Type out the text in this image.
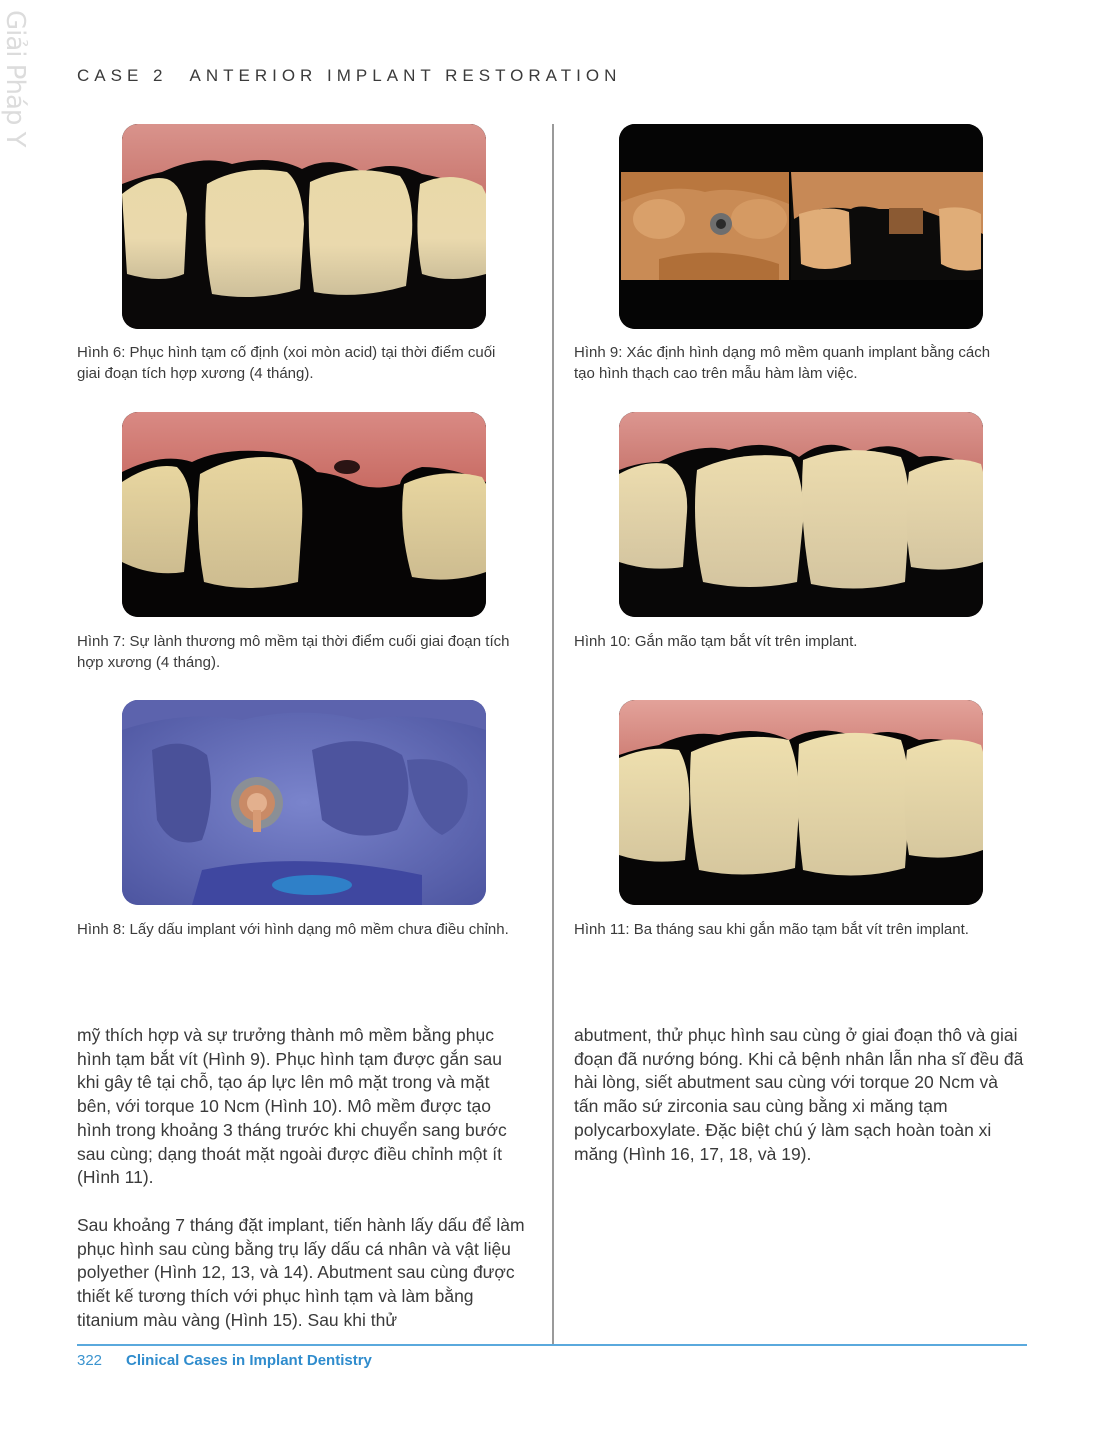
Giải Pháp Y
CASE 2 ANTERIOR IMPLANT RESTORATION
Hình 6: Phục hình tạm cố định (xoi mòn acid) tại thời điểm cuối giai đoạn tích hợp xương (4 tháng).
Hình 7: Sự lành thương mô mềm tại thời điểm cuối giai đoạn tích hợp xương (4 tháng).
Hình 8: Lấy dấu implant với hình dạng mô mềm chưa điều chỉnh.
Hình 9: Xác định hình dạng mô mềm quanh implant bằng cách tạo hình thạch cao trên mẫu hàm làm việc.
Hình 10: Gắn mão tạm bắt vít trên implant.
Hình 11: Ba tháng sau khi gắn mão tạm bắt vít trên implant.

mỹ thích hợp và sự trưởng thành mô mềm bằng phục hình tạm bắt vít (Hình 9). Phục hình tạm được gắn sau khi gây tê tại chỗ, tạo áp lực lên mô mặt trong và mặt bên, với torque 10 Ncm (Hình 10). Mô mềm được tạo hình trong khoảng 3 tháng trước khi chuyển sang bước sau cùng; dạng thoát mặt ngoài được điều chỉnh một ít (Hình 11).

Sau khoảng 7 tháng đặt implant, tiến hành lấy dấu để làm phục hình sau cùng bằng trụ lấy dấu cá nhân và vật liệu polyether (Hình 12, 13, và 14). Abutment sau cùng được thiết kế tương thích với phục hình tạm và làm bằng titanium màu vàng (Hình 15). Sau khi thử

abutment, thử phục hình sau cùng ở giai đoạn thô và giai đoạn đã nướng bóng. Khi cả bệnh nhân lẫn nha sĩ đều đã hài lòng, siết abutment sau cùng với torque 20 Ncm và tấn mão sứ zirconia sau cùng bằng xi măng tạm polycarboxylate. Đặc biệt chú ý làm sạch hoàn toàn xi măng (Hình 16, 17, 18, và 19).

322 Clinical Cases in Implant Dentistry
